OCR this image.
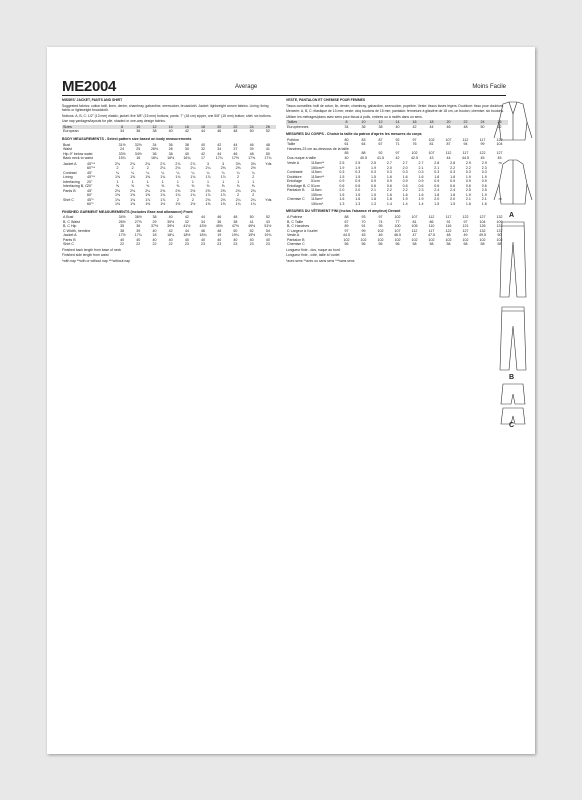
ME2004	Average	Moins Facile

MISSES' JACKET, PANTS AND SHIRT

Suggested fabrics: cotton twill, linen, denim, chambray, gabardine, seersucker, broadcloth. Jacket: lightweight woven fabrics. Lining: lining fabric or lightweight broadcloth.

Notions: A, B, C: 1/2" (13 mm) elastic; jacket: five 5/8" (15 mm) buttons; pants: 7" (18 cm) zipper, one 5/8" (15 mm) button; shirt: six buttons.

Use nap yardages/layouts for pile, shaded or one-way design fabrics.

Sizes	8	10	12	14	16	18	20	22	24	26
European	34	36	38	40	42	44	46	48	50	52
BODY MEASUREMENTS - Select pattern size based on body measurements
Bust	31½	32½	34	36	38	40	42	44	46	48
Waist	24	25	26½	28	30	32	34	37	39	41
Hip-9" below waist	33½	34½	36	38	40	42	44	46	48	50
Back neck to waist	15¾	16	16¼	16½	16¾	17	17¼	17½	17⅝	17¾
Jacket A	45"**	2¾	2¾	2¾	2⅞	2⅞	2⅞	3	3	3⅛	3⅛	Yds
	60"**	2	2	2	2⅛	2⅛	2¼	2¼	2⅜	2⅜	2½	
Contrast	45"	¼	¼	¼	¼	¼	¼	¼	¼	¼	¼	
Lining	45"**	1⅝	1⅝	1⅝	1¾	1¾	1¾	1⅞	1⅞	2	2	
Interfacing	20"	1	1	1	1	1	1	1	1	1	1	
Interfacing B, C	20"	⅝	⅝	⅝	⅝	⅝	⅝	⅝	⅝	⅝	⅝	
Pants B	45"	2⅛	2⅛	2¼	2⅜	2⅜	2½	2⅝	2⅝	2¾	2¾	
	60"	1⅝	1⅝	1⅝	1¾	1¾	1¾	1⅞	1⅞	2	2	
Shirt C	45"*	1¾	1¾	1⅞	1⅞	2	2	2⅛	2⅛	2¼	2¼	Yds
	60"*	1⅜	1⅜	1⅜	1½	1½	1½	1⅝	1⅝	1¾	1¾	
FINISHED GARMENT MEASUREMENTS (includes Ease and allowance) Front
A Bust	34½	36½	38	40	42	44	46	48	50	52
B, C Waist	26½	27½	29	30½	32	34	36	38	41	43
B, C Hip	35	36	37½	39½	41½	43½	45½	47½	49½	51½
C Width, hemline	38	39	40	42	44	46	48	50	52	54
Jacket A	17½	17¾	18	18¼	18½	18¾	19	19¼	19½	19¾
Pants B	40	40	40	40	40	40	40	40	40	40
Shirt C	22	22	22	22	23	23	23	23	23	23

Finished back length from base of neck

Finished side length from waist

*with nap **with or without nap ***without nap

VESTE, PANTALON ET CHEMISE POUR FEMMES

Tissus conseillés: twill de coton, lin, denim, chambray, gabardine, seersucker, popeline. Veste: tissus tissés légers. Doublure: tissu pour doublure.

Mercerie: A, B, C: élastique de 13 mm; veste: cinq boutons de 15 mm; pantalon: fermeture à glissière de 18 cm, un bouton; chemise: six boutons.

Utiliser les métrages/plans avec sens pour tissus à poils, ombrés ou à motifs dans un sens.

Tailles	8	10	12	14	16	18	20	22	24	26
Européennes	34	36	38	40	42	44	46	48	50	52
MESURES DU CORPS - Choisir la taille du patron d'après les mesures du corps
Poitrine	80	83	87	92	97	102	107	112	117	122
Taille	61	64	67	71	76	81	87	94	99	104
Hanches-23 cm au-dessous de la taille										
	85	88	92	97	102	107	112	117	122	127
Dos-nuque à taille	40	40.5	41.5	42	42.5	43	44	44.5	45	45
Veste A	115cm**	2.5	2.5	2.5	2.7	2.7	2.7	2.8	2.8	2.9	2.9	m
	150cm**	1.9	1.9	1.9	2.0	2.0	2.1	2.1	2.2	2.2	2.3	
Contraste	115cm	0.3	0.3	0.3	0.3	0.3	0.3	0.3	0.3	0.3	0.3	
Doublure	115cm**	1.5	1.5	1.5	1.6	1.6	1.6	1.8	1.8	1.9	1.9	
Entoilage	51cm	0.9	0.9	0.9	0.9	0.9	0.9	0.9	0.9	0.9	0.9	
Entoilage B, C	51cm	0.6	0.6	0.6	0.6	0.6	0.6	0.6	0.6	0.6	0.6	
Pantalon B	115cm	2.0	2.0	2.1	2.2	2.2	2.3	2.4	2.4	2.5	2.5	
	150cm	1.5	1.5	1.5	1.6	1.6	1.6	1.8	1.8	1.9	1.9	
Chemise C	115cm*	1.6	1.6	1.8	1.8	1.9	1.9	2.0	2.0	2.1	2.1	m
	150cm*	1.3	1.3	1.3	1.4	1.4	1.4	1.5	1.5	1.6	1.6	
MESURES DU VÊTEMENT FINI (inclus l'aisance et ampleur) Devant
A Poitrine	88	93	97	102	107	112	117	122	127	132
B, C Taille	67	70	74	77	81	86	91	97	104	109
B, C Hanches	89	91	95	100	105	110	116	121	126	131
C Largeur à l'ourlet	97	99	102	107	112	117	122	127	132	137
Veste A	44.5	45	46	46.5	47	47.5	48	49	49.5	50
Pantalon B	102	102	102	102	102	102	102	102	102	102
Chemise C	56	56	56	56	58	58	58	58	58	58

Longueur finie - dos, nuque au bord

Longueur finie - côté, taille à l'ourlet

*avec sens **avec ou sans sens ***sans sens

A
B
C
